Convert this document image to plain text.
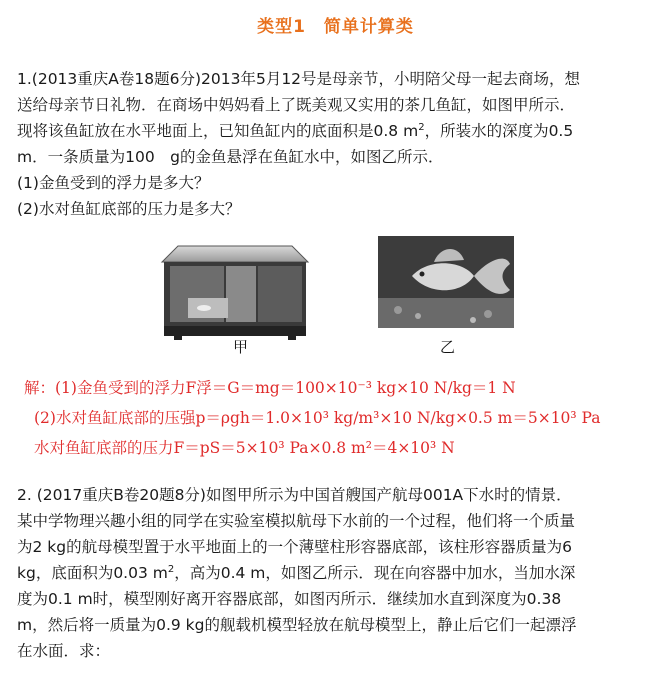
类型1　简单计算类
1.(2013重庆A卷18题6分)2013年5月12号是母亲节，小明陪父母一起去商场，想
送给母亲节日礼物．在商场中妈妈看上了既美观又实用的茶几鱼缸，如图甲所示．
现将该鱼缸放在水平地面上，已知鱼缸内的底面积是0.8 $m^2$，所装水的深度为0.5
m．一条质量为100　g的金鱼悬浮在鱼缸水中，如图乙所示．
(1)金鱼受到的浮力是多大？
(2)水对鱼缸底部的压力是多大？
甲	乙
解：(1)金鱼受到的浮力F浮＝G＝mg＝100×10⁻³ kg×10 N/kg＝1 N
(2)水对鱼缸底部的压强p＝ρgh＝1.0×10³ kg/m³×10 N/kg×0.5 m＝5×10³ Pa
水对鱼缸底部的压力F＝pS＝5×10³ Pa×0.8 m²＝4×10³ N
2. (2017重庆B卷20题8分)如图甲所示为中国首艘国产航母001A下水时的情景．
某中学物理兴趣小组的同学在实验室模拟航母下水前的一个过程，他们将一个质量
为2 kg的航母模型置于水平地面上的一个薄壁柱形容器底部，该柱形容器质量为6
kg，底面积为0.03 $m^2$，高为0.4 m，如图乙所示．现在向容器中加水，当加水深
度为0.1 m时，模型刚好离开容器底部，如图丙所示．继续加水直到深度为0.38
m，然后将一质量为0.9 kg的舰载机模型轻放在航母模型上，静止后它们一起漂浮
在水面．求：
